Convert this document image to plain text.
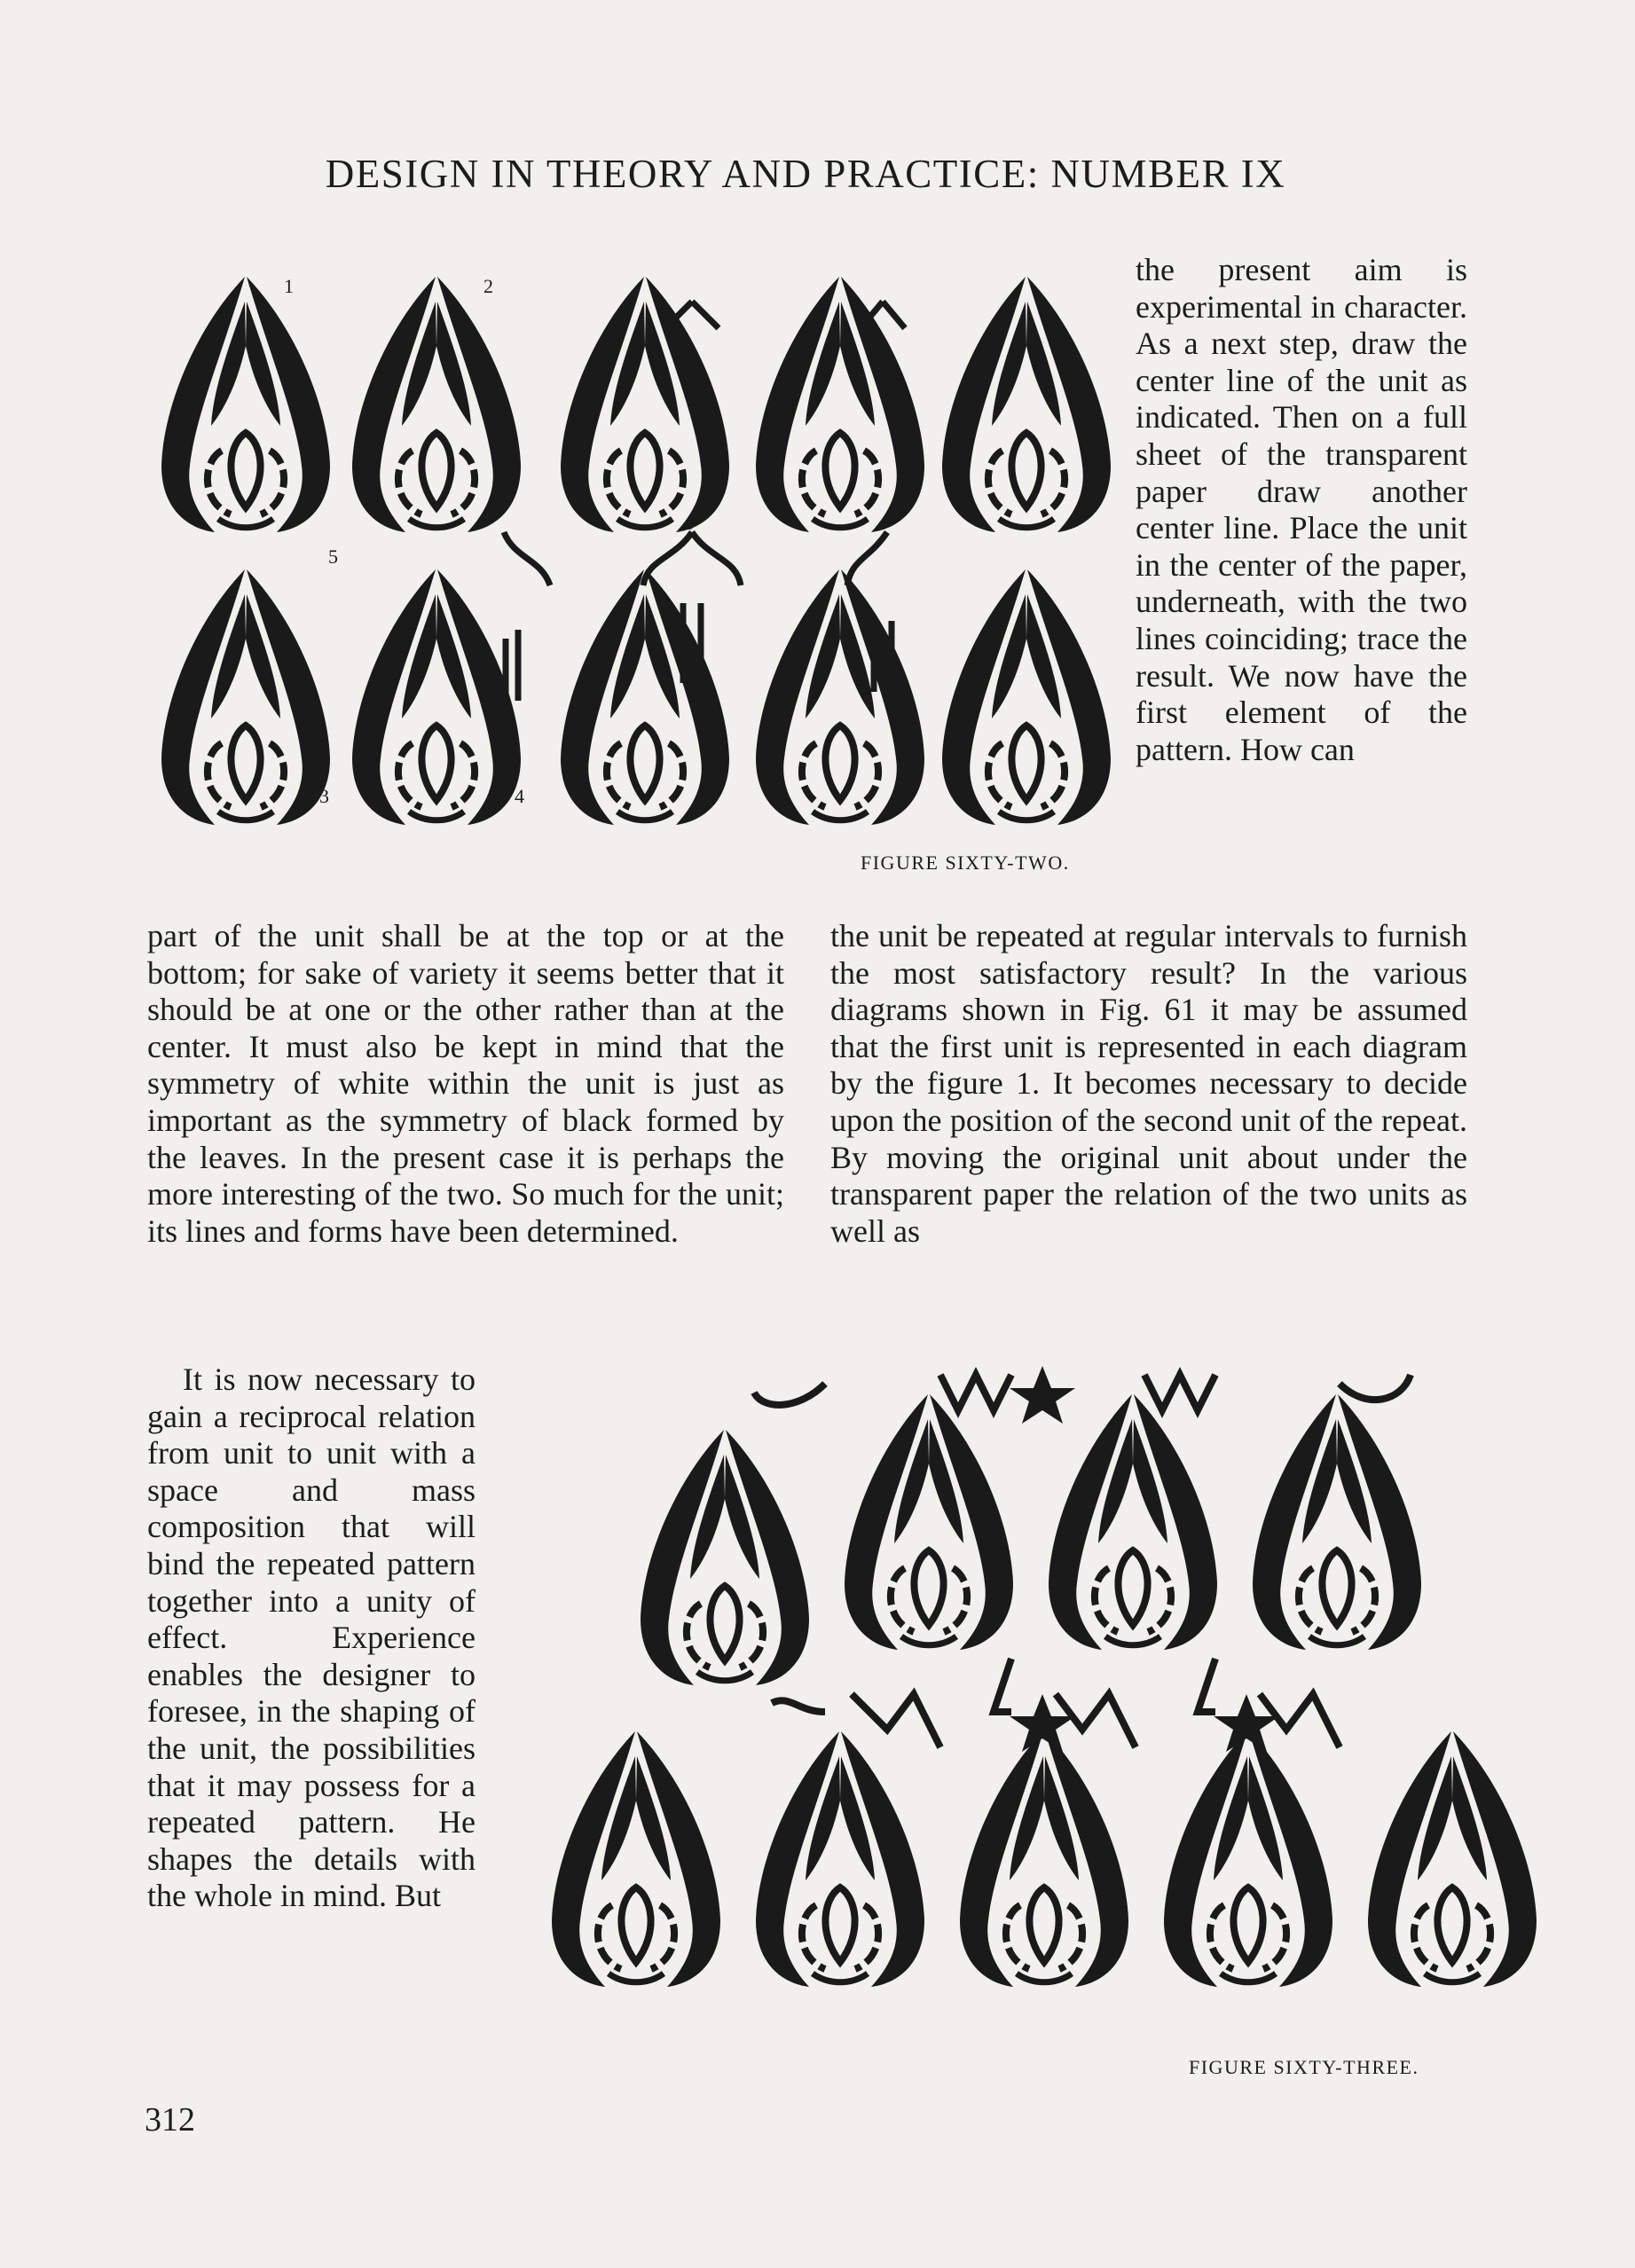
DESIGN IN THEORY AND PRACTICE: NUMBER IX
1	2
3	4
5

FIGURE SIXTY-TWO.

the present aim is experimental in character. As a next step, draw the center line of the unit as indicated. Then on a full sheet of the transparent paper draw another center line. Place the unit in the center of the paper, underneath, with the two lines coinciding; trace the result. We now have the first element of the pattern. How can

part of the unit shall be at the top or at the bottom; for sake of variety it seems better that it should be at one or the other rather than at the center. It must also be kept in mind that the symmetry of white within the unit is just as important as the symmetry of black formed by the leaves. In the present case it is perhaps the more interesting of the two. So much for the unit; its lines and forms have been determined.

It is now necessary to gain a reciprocal relation from unit to unit with a space and mass composition that will bind the repeated pattern together into a unity of effect. Experience enables the designer to foresee, in the shaping of the unit, the possibilities that it may possess for a repeated pattern. He shapes the details with the whole in mind. But

the unit be repeated at regular intervals to furnish the most satisfactory result? In the various diagrams shown in Fig. 61 it may be assumed that the first unit is represented in each diagram by the figure 1. It becomes necessary to decide upon the position of the second unit of the repeat. By moving the original unit about under the transparent paper the relation of the two units as well as

FIGURE SIXTY-THREE.

312
